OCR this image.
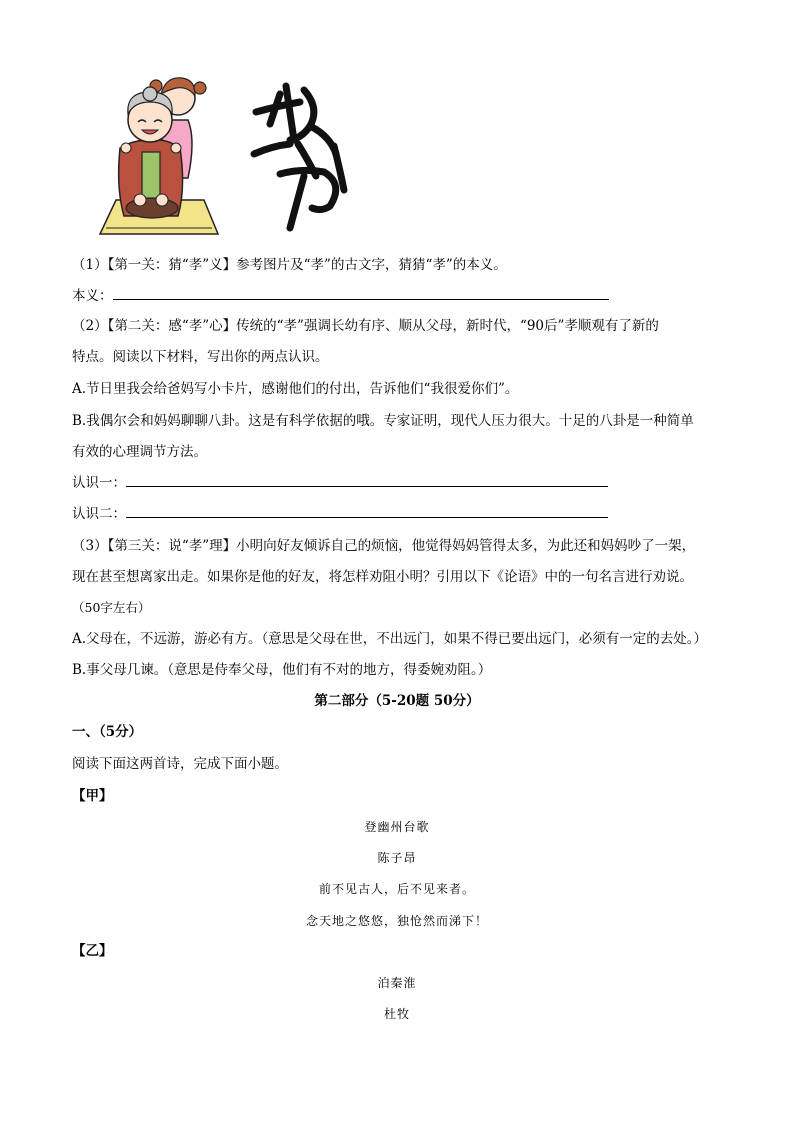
（1）【第一关：猜“孝”义】参考图片及“孝”的古文字，猜猜“孝”的本义。
本义：
（2）【第二关：感“孝”心】传统的“孝”强调长幼有序、顺从父母，新时代，“90后”孝顺观有了新的
特点。阅读以下材料，写出你的两点认识。
A.节日里我会给爸妈写小卡片，感谢他们的付出，告诉他们“我很爱你们”。
B.我偶尔会和妈妈聊聊八卦。这是有科学依据的哦。专家证明，现代人压力很大。十足的八卦是一种简单
有效的心理调节方法。
认识一：
认识二：
（3）【第三关：说“孝”理】小明向好友倾诉自己的烦恼，他觉得妈妈管得太多，为此还和妈妈吵了一架，
现在甚至想离家出走。如果你是他的好友，将怎样劝阻小明？引用以下《论语》中的一句名言进行劝说。
（50字左右）
A.父母在，不远游，游必有方。（意思是父母在世，不出远门，如果不得已要出远门，必须有一定的去处。）
B.事父母几谏。（意思是侍奉父母，他们有不对的地方，得委婉劝阻。）
第二部分（5-20题 50分）
一、（5分）
阅读下面这两首诗，完成下面小题。
【甲】
登幽州台歌
陈子昂
前不见古人，后不见来者。
念天地之悠悠，独怆然而涕下！
【乙】
泊秦淮
杜牧
